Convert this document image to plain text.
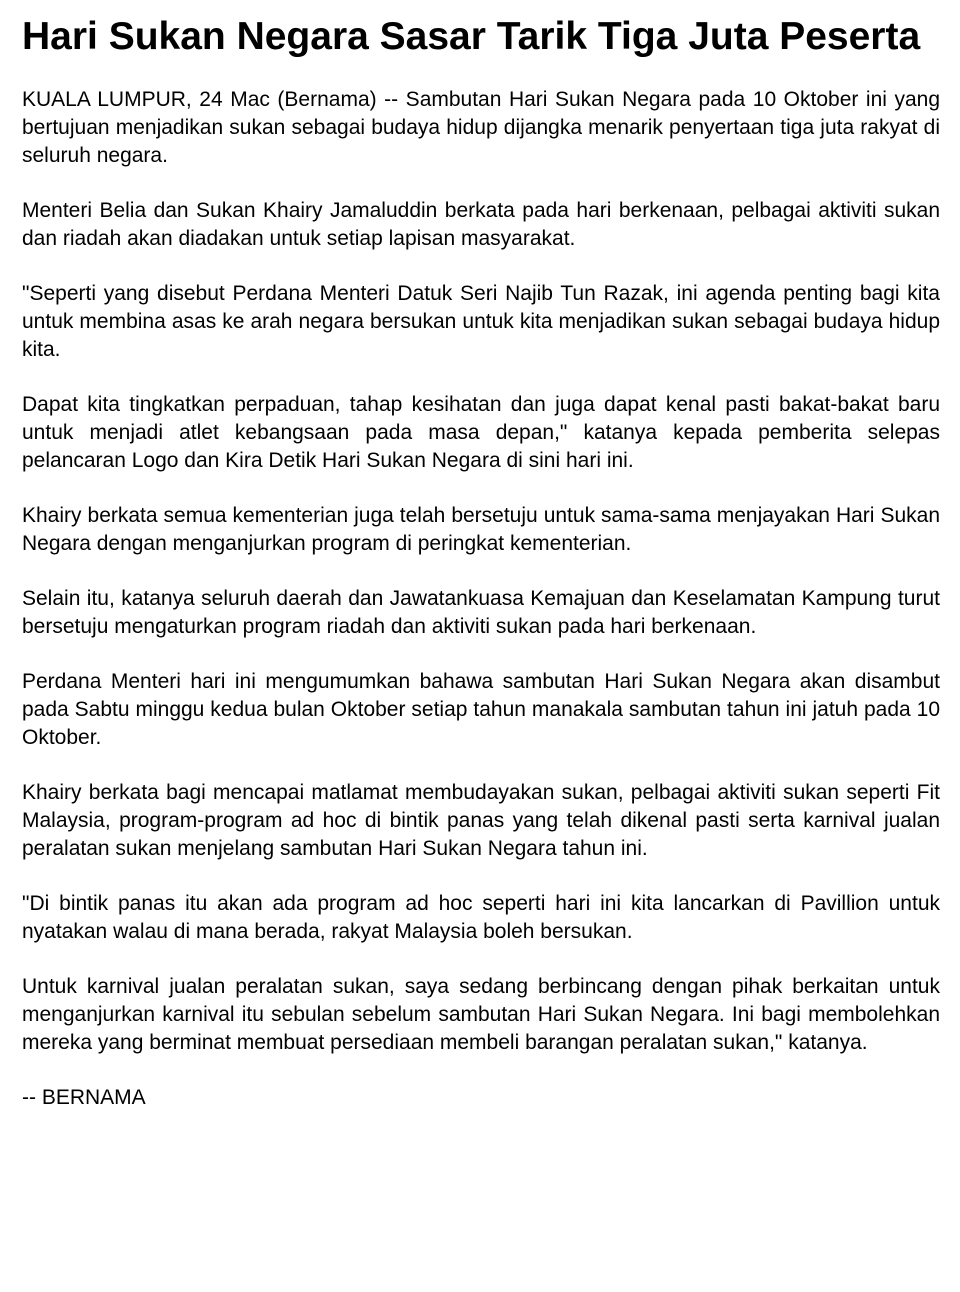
Hari Sukan Negara Sasar Tarik Tiga Juta Peserta

KUALA LUMPUR, 24 Mac (Bernama) -- Sambutan Hari Sukan Negara pada 10 Oktober ini yang bertujuan menjadikan sukan sebagai budaya hidup dijangka menarik penyertaan tiga juta rakyat di seluruh negara.

Menteri Belia dan Sukan Khairy Jamaluddin berkata pada hari berkenaan, pelbagai aktiviti sukan dan riadah akan diadakan untuk setiap lapisan masyarakat.

"Seperti yang disebut Perdana Menteri Datuk Seri Najib Tun Razak, ini agenda penting bagi kita untuk membina asas ke arah negara bersukan untuk kita menjadikan sukan sebagai budaya hidup kita.

Dapat kita tingkatkan perpaduan, tahap kesihatan dan juga dapat kenal pasti bakat-bakat baru untuk menjadi atlet kebangsaan pada masa depan," katanya kepada pemberita selepas pelancaran Logo dan Kira Detik Hari Sukan Negara di sini hari ini.

Khairy berkata semua kementerian juga telah bersetuju untuk sama-sama menjayakan Hari Sukan Negara dengan menganjurkan program di peringkat kementerian.

Selain itu, katanya seluruh daerah dan Jawatankuasa Kemajuan dan Keselamatan Kampung turut bersetuju mengaturkan program riadah dan aktiviti sukan pada hari berkenaan.

Perdana Menteri hari ini mengumumkan bahawa sambutan Hari Sukan Negara akan disambut pada Sabtu minggu kedua bulan Oktober setiap tahun manakala sambutan tahun ini jatuh pada 10 Oktober.

Khairy berkata bagi mencapai matlamat membudayakan sukan, pelbagai aktiviti sukan seperti Fit Malaysia, program-program ad hoc di bintik panas yang telah dikenal pasti serta karnival jualan peralatan sukan menjelang sambutan Hari Sukan Negara tahun ini.

"Di bintik panas itu akan ada program ad hoc seperti hari ini kita lancarkan di Pavillion untuk nyatakan walau di mana berada, rakyat Malaysia boleh bersukan.

Untuk karnival jualan peralatan sukan, saya sedang berbincang dengan pihak berkaitan untuk menganjurkan karnival itu sebulan sebelum sambutan Hari Sukan Negara. Ini bagi membolehkan mereka yang berminat membuat persediaan membeli barangan peralatan sukan," katanya.

-- BERNAMA
